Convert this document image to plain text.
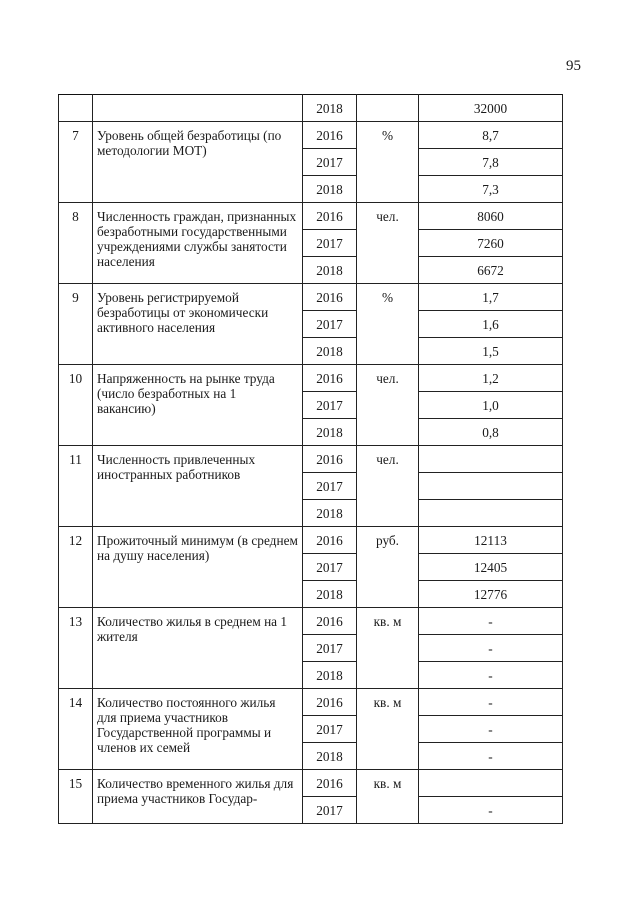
95
		2018		32000
7	Уровень общей безработицы (по методологии МОТ)	2016	%	8,7
		2017		7,8
		2018		7,3
8	Численность граждан, признанных безработными государственными учреждениями службы занятости населения	2016	чел.	8060
		2017		7260
		2018		6672
9	Уровень регистрируемой безработицы от экономически активного населения	2016	%	1,7
		2017		1,6
		2018		1,5
10	Напряженность на рынке труда (число безработных на 1 вакансию)	2016	чел.	1,2
		2017		1,0
		2018		0,8
11	Численность привлеченных иностранных работников	2016	чел.	
		2017		
		2018		
12	Прожиточный минимум (в среднем на душу населения)	2016	руб.	12113
		2017		12405
		2018		12776
13	Количество жилья в среднем на 1 жителя	2016	кв. м	-
		2017		-
		2018		-
14	Количество постоянного жилья для приема участников Государственной программы и членов их семей	2016	кв. м	-
		2017		-
		2018		-
15	Количество временного жилья для приема участников Государ-	2016	кв. м	
		2017		-
